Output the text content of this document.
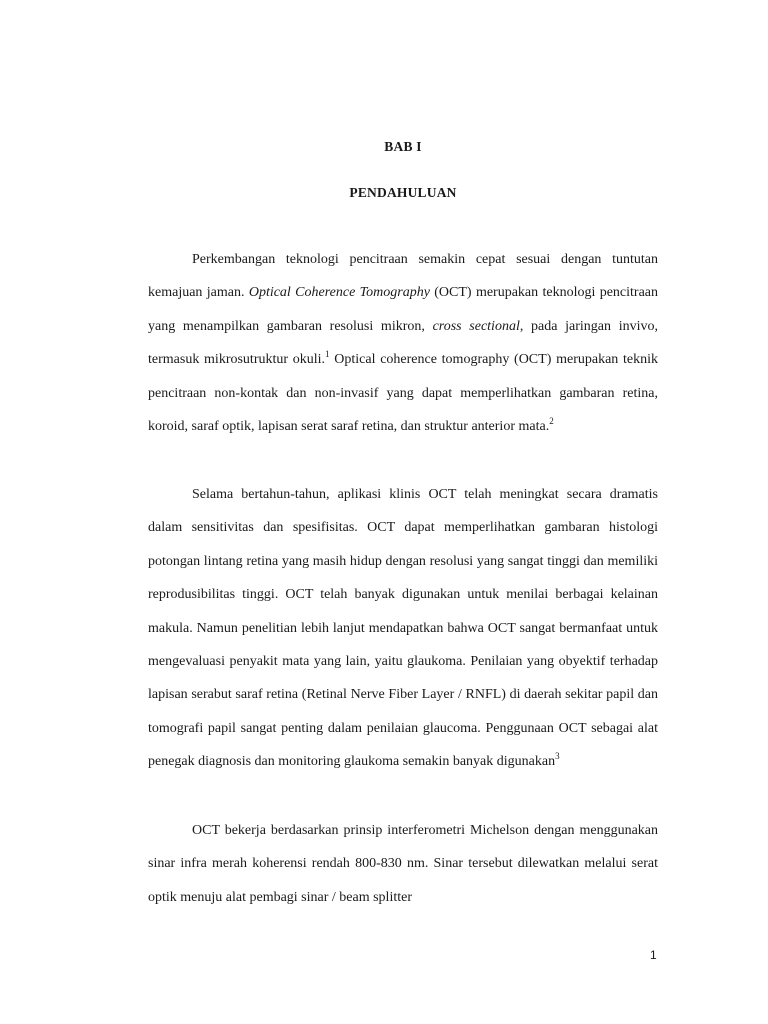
BAB I
PENDAHULUAN

Perkembangan teknologi pencitraan semakin cepat sesuai dengan tuntutan kemajuan jaman. Optical Coherence Tomography (OCT) merupakan teknologi pencitraan yang menampilkan gambaran resolusi mikron, cross sectional, pada jaringan invivo, termasuk mikrosutruktur okuli.$^1$ Optical coherence tomography (OCT) merupakan teknik pencitraan non-kontak dan non-invasif yang dapat memperlihatkan gambaran retina, koroid, saraf optik, lapisan serat saraf retina, dan struktur anterior mata.$^2$

Selama bertahun-tahun, aplikasi klinis OCT telah meningkat secara dramatis dalam sensitivitas dan spesifisitas. OCT dapat memperlihatkan gambaran histologi potongan lintang retina yang masih hidup dengan resolusi yang sangat tinggi dan memiliki reprodusibilitas tinggi. OCT telah banyak digunakan untuk menilai berbagai kelainan makula. Namun penelitian lebih lanjut mendapatkan bahwa OCT sangat bermanfaat untuk mengevaluasi penyakit mata yang lain, yaitu glaukoma. Penilaian yang obyektif terhadap lapisan serabut saraf retina (Retinal Nerve Fiber Layer / RNFL) di daerah sekitar papil dan tomografi papil sangat penting dalam penilaian glaucoma. Penggunaan OCT sebagai alat penegak diagnosis dan monitoring glaukoma semakin banyak digunakan$^3$

OCT bekerja berdasarkan prinsip interferometri Michelson dengan menggunakan sinar infra merah koherensi rendah 800-830 nm. Sinar tersebut dilewatkan melalui serat optik menuju alat pembagi sinar / beam splitter

1
